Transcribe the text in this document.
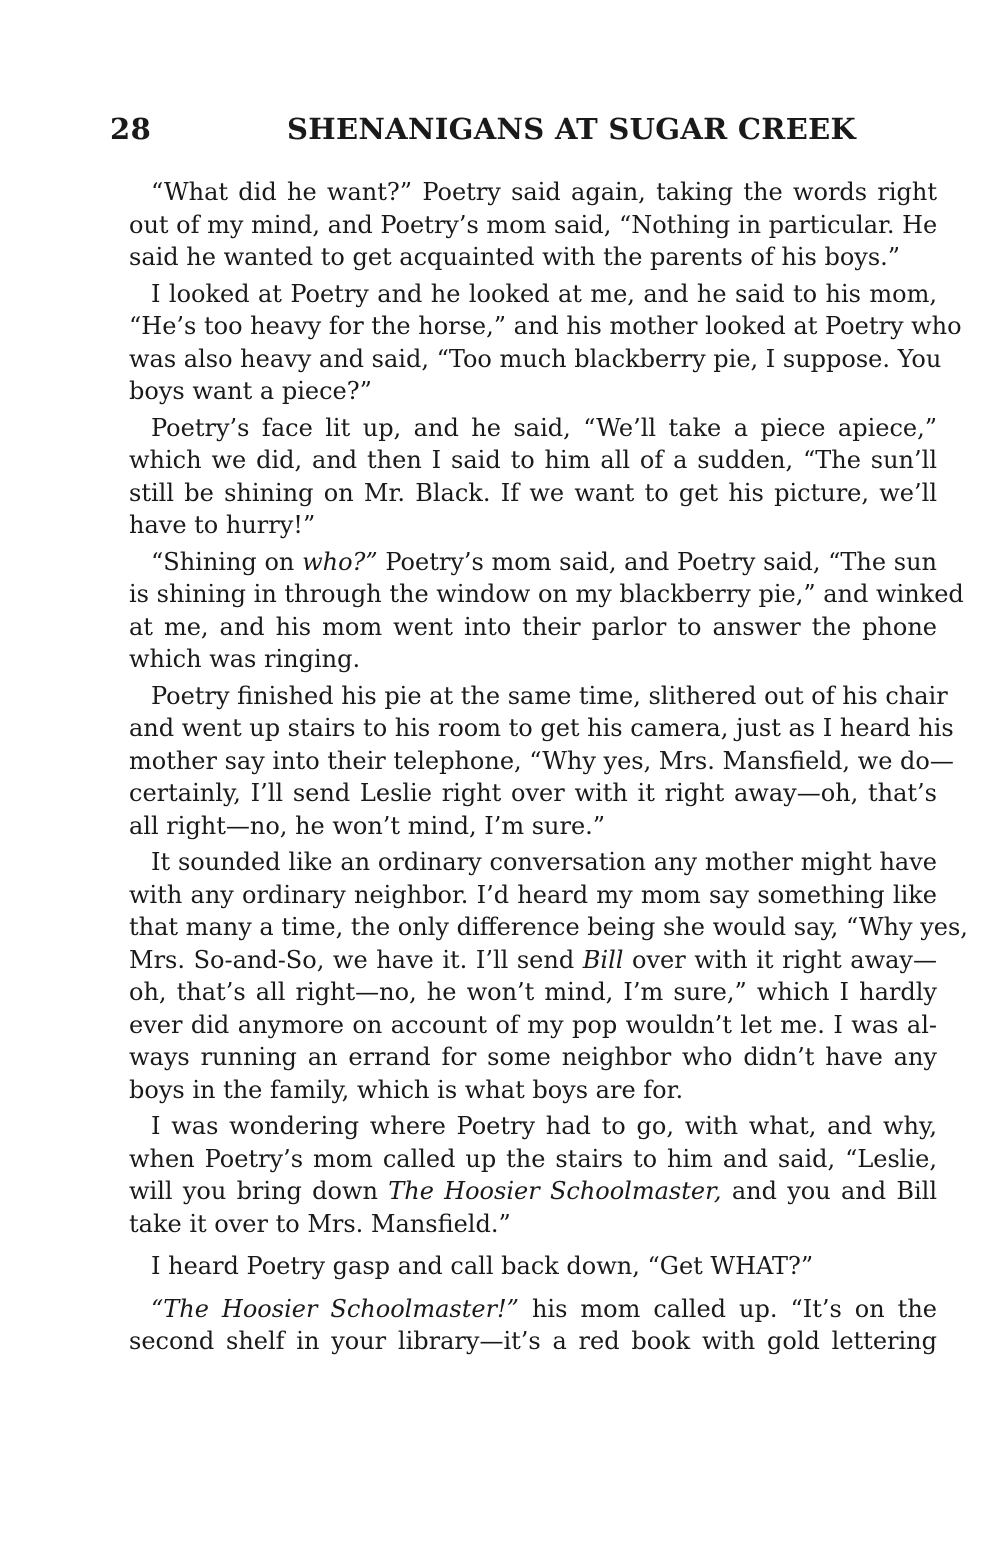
28	SHENANIGANS AT SUGAR CREEK
“What did he want?” Poetry said again, taking the words right
out of my mind, and Poetry’s mom said, “Nothing in particular. He
said he wanted to get acquainted with the parents of his boys.”
I looked at Poetry and he looked at me, and he said to his mom,
“He’s too heavy for the horse,” and his mother looked at Poetry who
was also heavy and said, “Too much blackberry pie, I suppose. You
boys want a piece?”
Poetry’s face lit up, and he said, “We’ll take a piece apiece,”
which we did, and then I said to him all of a sudden, “The sun’ll
still be shining on Mr. Black. If we want to get his picture, we’ll
have to hurry!”
“Shining on who?” Poetry’s mom said, and Poetry said, “The sun
is shining in through the window on my blackberry pie,” and winked
at me, and his mom went into their parlor to answer the phone
which was ringing.
Poetry finished his pie at the same time, slithered out of his chair
and went up stairs to his room to get his camera, just as I heard his
mother say into their telephone, “Why yes, Mrs. Mansfield, we do—
certainly, I’ll send Leslie right over with it right away—oh, that’s
all right—no, he won’t mind, I’m sure.”
It sounded like an ordinary conversation any mother might have
with any ordinary neighbor. I’d heard my mom say something like
that many a time, the only difference being she would say, “Why yes,
Mrs. So-and-So, we have it. I’ll send Bill over with it right away—
oh, that’s all right—no, he won’t mind, I’m sure,” which I hardly
ever did anymore on account of my pop wouldn’t let me. I was al-
ways running an errand for some neighbor who didn’t have any
boys in the family, which is what boys are for.
I was wondering where Poetry had to go, with what, and why,
when Poetry’s mom called up the stairs to him and said, “Leslie,
will you bring down The Hoosier Schoolmaster, and you and Bill
take it over to Mrs. Mansfield.”
I heard Poetry gasp and call back down, “Get WHAT?”
“The Hoosier Schoolmaster!” his mom called up. “It’s on the
second shelf in your library—it’s a red book with gold lettering
